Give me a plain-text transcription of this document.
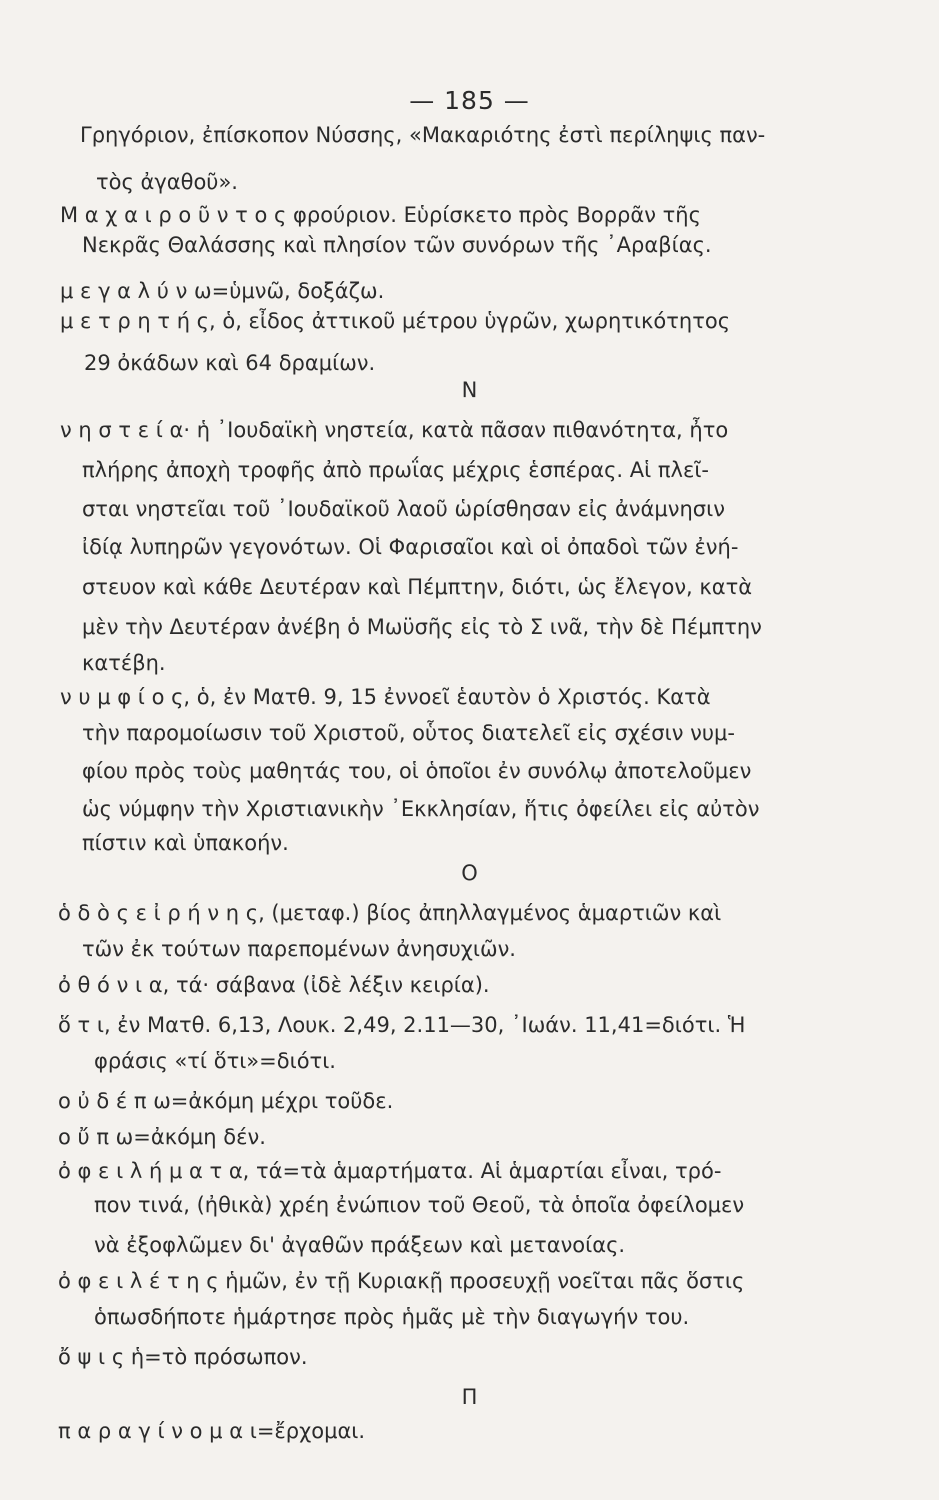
— 185 —
Γρηγόριον, ἐπίσκοπον Νύσσης, «Μακαριότης ἐστὶ περίληψις παν-
τὸς ἀγαθοῦ».
Μ α χ α ι ρ ο ῦ ν τ ο ς φρούριον. Εὑρίσκετο πρὸς Βορρᾶν τῆς
Νεκρᾶς Θαλάσσης καὶ πλησίον τῶν συνόρων τῆς ᾿Αραβίας.
μ ε γ α λ ύ ν ω=ὑμνῶ, δοξάζω.
μ ε τ ρ η τ ή ς, ὁ, εἶδος ἀττικοῦ μέτρου ὑγρῶν, χωρητικότητος
29 ὀκάδων καὶ 64 δραμίων.
Ν
ν η σ τ ε ί α· ἡ ᾿Ιουδαϊκὴ νηστεία, κατὰ πᾶσαν πιθανότητα, ἦτο
πλήρης ἀποχὴ τροφῆς ἀπὸ πρωΐας μέχρις ἑσπέρας. Αἱ πλεῖ-
σται νηστεῖαι τοῦ ᾿Ιουδαϊκοῦ λαοῦ ὡρίσθησαν εἰς ἀνάμνησιν
ἰδίᾳ λυπηρῶν γεγονότων. Οἱ Φαρισαῖοι καὶ οἱ ὀπαδοὶ τῶν ἐνή-
στευον καὶ κάθε Δευτέραν καὶ Πέμπτην, διότι, ὡς ἔλεγον, κατὰ
μὲν τὴν Δευτέραν ἀνέβη ὁ Μωϋσῆς εἰς τὸ Σ ινᾶ, τὴν δὲ Πέμπτην
κατέβη.
ν υ μ φ ί ο ς, ὁ, ἐν Ματθ. 9, 15 ἐννοεῖ ἑαυτὸν ὁ Χριστός. Κατὰ
τὴν παρομοίωσιν τοῦ Χριστοῦ, οὗτος διατελεῖ εἰς σχέσιν νυμ-
φίου πρὸς τοὺς μαθητάς του, οἱ ὁποῖοι ἐν συνόλῳ ἀποτελοῦμεν
ὡς νύμφην τὴν Χριστιανικὴν ᾿Εκκλησίαν, ἥτις ὀφείλει εἰς αὐτὸν
πίστιν καὶ ὑπακοήν.
Ο
ὁ δ ὸ ς ε ἰ ρ ή ν η ς, (μεταφ.) βίος ἀπηλλαγμένος ἁμαρτιῶν καὶ
τῶν ἐκ τούτων παρεπομένων ἀνησυχιῶν.
ὀ θ ό ν ι α, τά· σάβανα (ἰδὲ λέξιν κειρία).
ὅ τ ι, ἐν Ματθ. 6,13, Λουκ. 2,49, 2.11—30, ᾿Ιωάν. 11,41=διότι. Ἡ
φράσις «τί ὅτι»=διότι.
ο ὐ δ έ π ω=ἀκόμη μέχρι τοῦδε.
ο ὔ π ω=ἀκόμη δέν.
ὀ φ ε ι λ ή μ α τ α, τά=τὰ ἁμαρτήματα. Αἱ ἁμαρτίαι εἶναι, τρό-
πον τινά, (ἠθικὰ) χρέη ἐνώπιον τοῦ Θεοῦ, τὰ ὁποῖα ὀφείλομεν
νὰ ἐξοφλῶμεν δι' ἀγαθῶν πράξεων καὶ μετανοίας.
ὀ φ ε ι λ έ τ η ς ἡμῶν, ἐν τῇ Κυριακῇ προσευχῇ νοεῖται πᾶς ὅστις
ὁπωσδήποτε ἡμάρτησε πρὸς ἡμᾶς μὲ τὴν διαγωγήν του.
ὄ ψ ι ς ἡ=τὸ πρόσωπον.
Π
π α ρ α γ ί ν ο μ α ι=ἔρχομαι.
